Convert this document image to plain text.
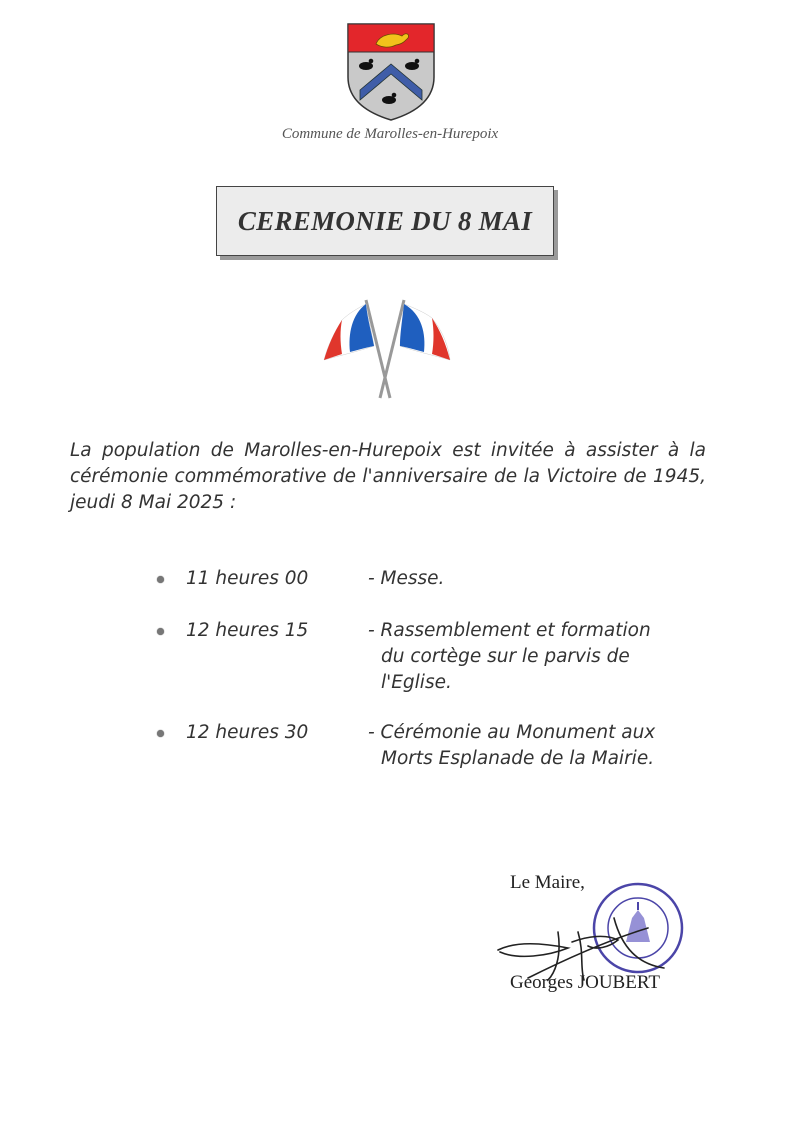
Commune de Marolles-en-Hurepoix
CEREMONIE DU 8 MAI
La population de Marolles-en-Hurepoix est invitée à assister à la cérémonie commémorative de l'anniversaire de la Victoire de 1945, jeudi 8 Mai 2025 :
11 heures 00	- Messe.
12 heures 15	- Rassemblement et formation
du cortège sur le parvis de
l'Eglise.
12 heures 30	- Cérémonie au Monument aux
Morts Esplanade de la Mairie.
Le Maire,
Georges JOUBERT
